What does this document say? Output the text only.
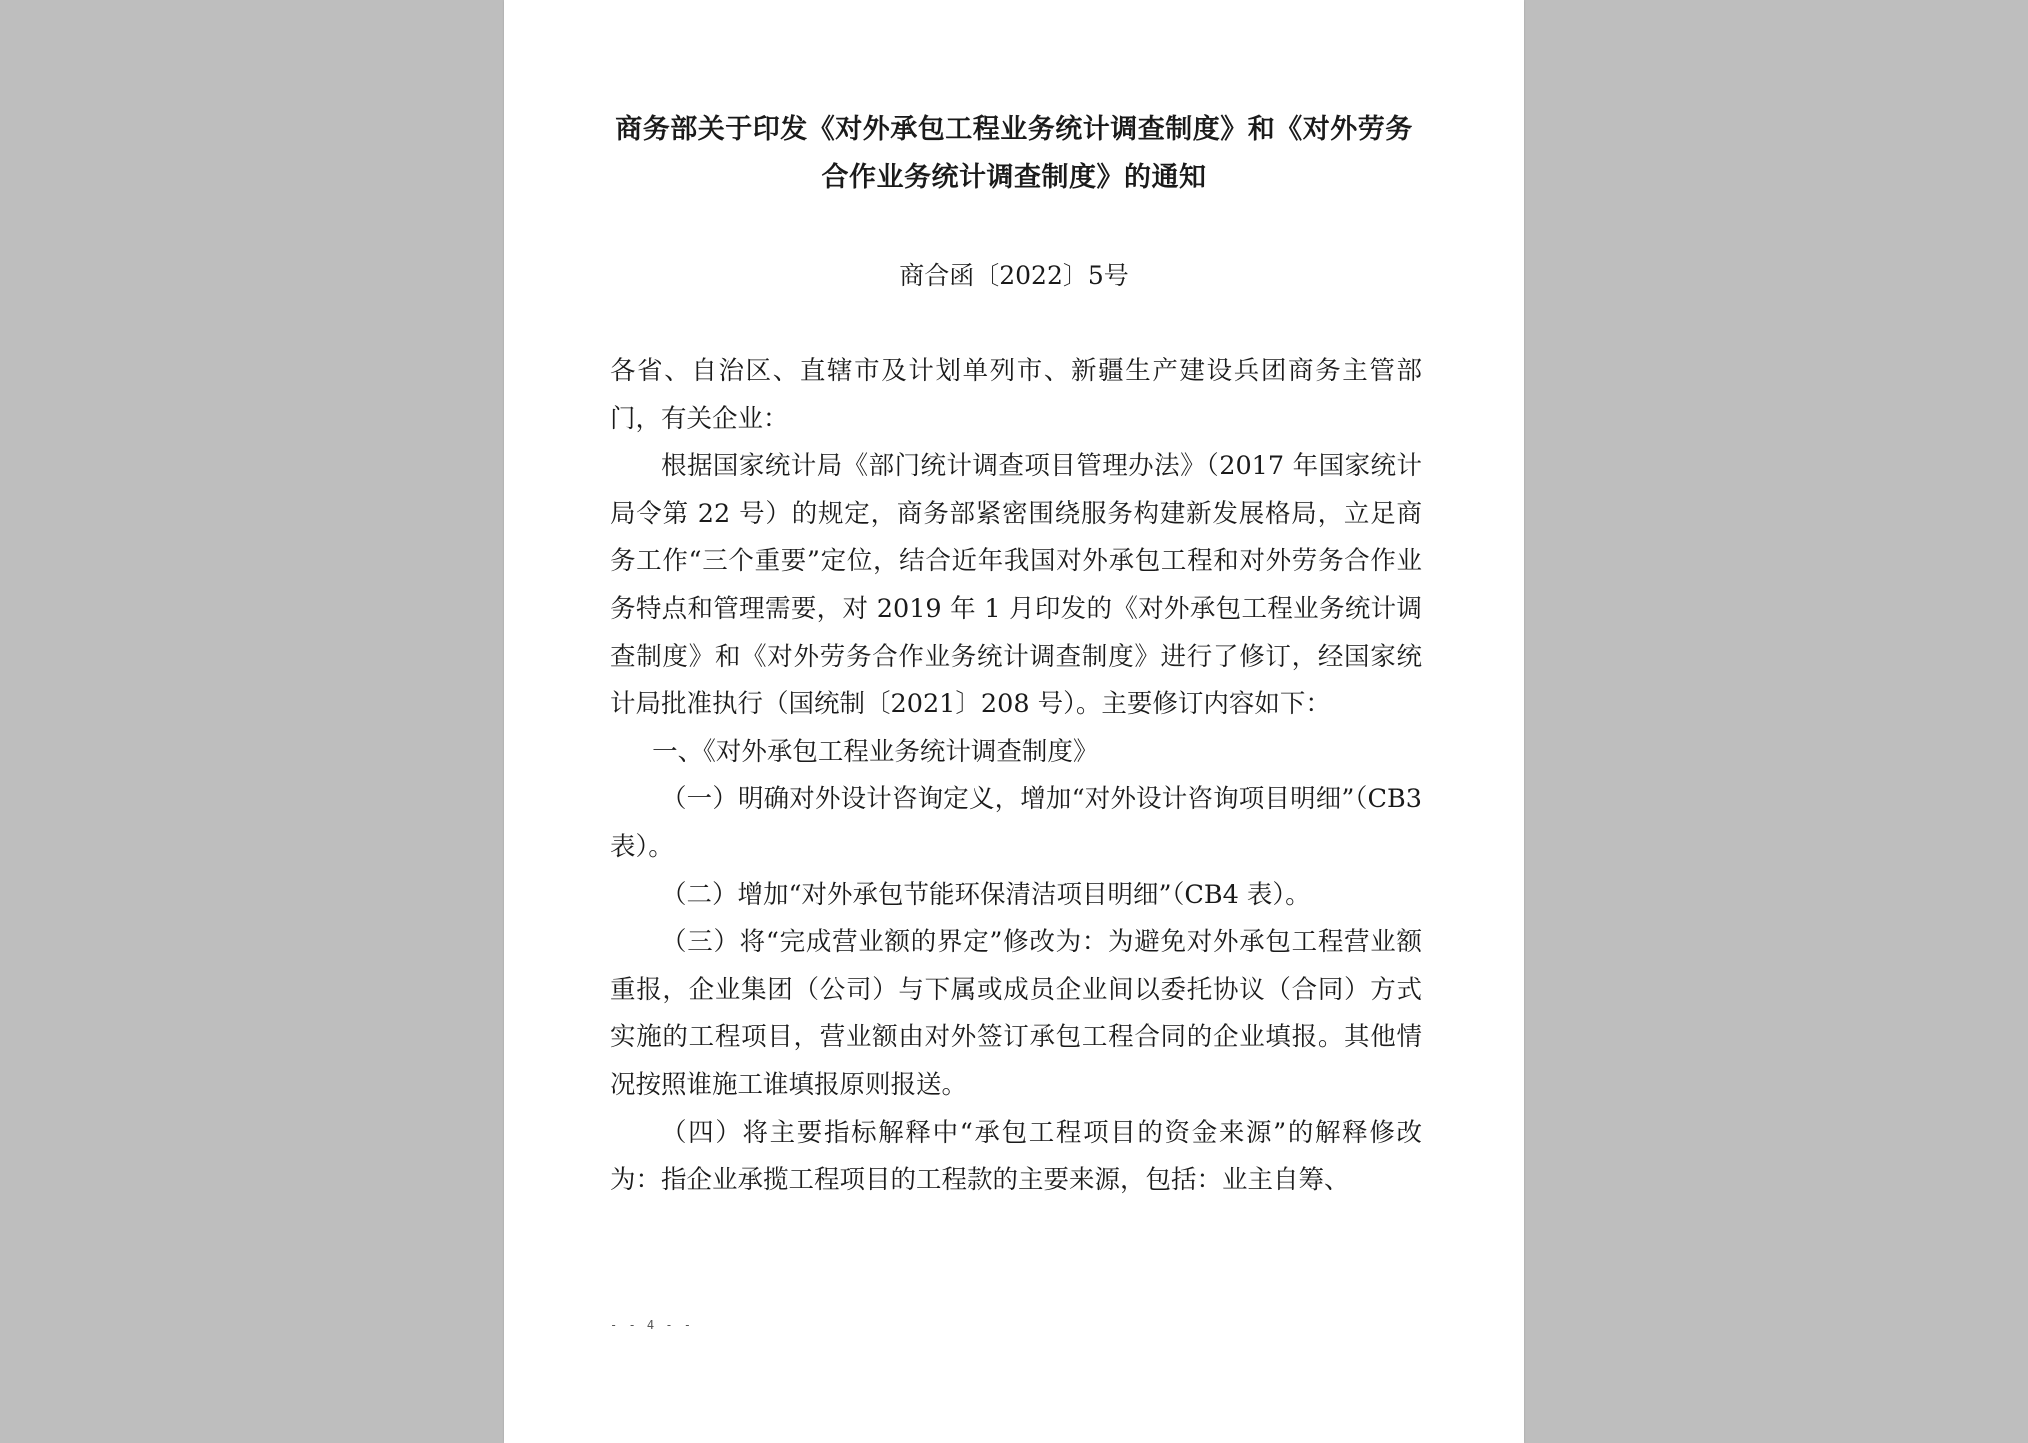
商务部关于印发《对外承包工程业务统计调查制度》和《对外劳务
合作业务统计调查制度》的通知
商合函〔2022〕5号

各省、自治区、直辖市及计划单列市、新疆生产建设兵团商务主管部门，有关企业：

根据国家统计局《部门统计调查项目管理办法》（2017 年国家统计局令第 22 号）的规定，商务部紧密围绕服务构建新发展格局，立足商务工作“三个重要”定位，结合近年我国对外承包工程和对外劳务合作业务特点和管理需要，对 2019 年 1 月印发的《对外承包工程业务统计调查制度》和《对外劳务合作业务统计调查制度》进行了修订，经国家统计局批准执行（国统制〔2021〕208 号）。主要修订内容如下：

一、《对外承包工程业务统计调查制度》

（一）明确对外设计咨询定义，增加“对外设计咨询项目明细”（CB3 表）。

（二）增加“对外承包节能环保清洁项目明细”（CB4 表）。

（三）将“完成营业额的界定”修改为：为避免对外承包工程营业额重报，企业集团（公司）与下属或成员企业间以委托协议（合同）方式实施的工程项目，营业额由对外签订承包工程合同的企业填报。其他情况按照谁施工谁填报原则报送。

（四）将主要指标解释中“承包工程项目的资金来源”的解释修改为：指企业承揽工程项目的工程款的主要来源，包括：业主自筹、

- - 4 - -
